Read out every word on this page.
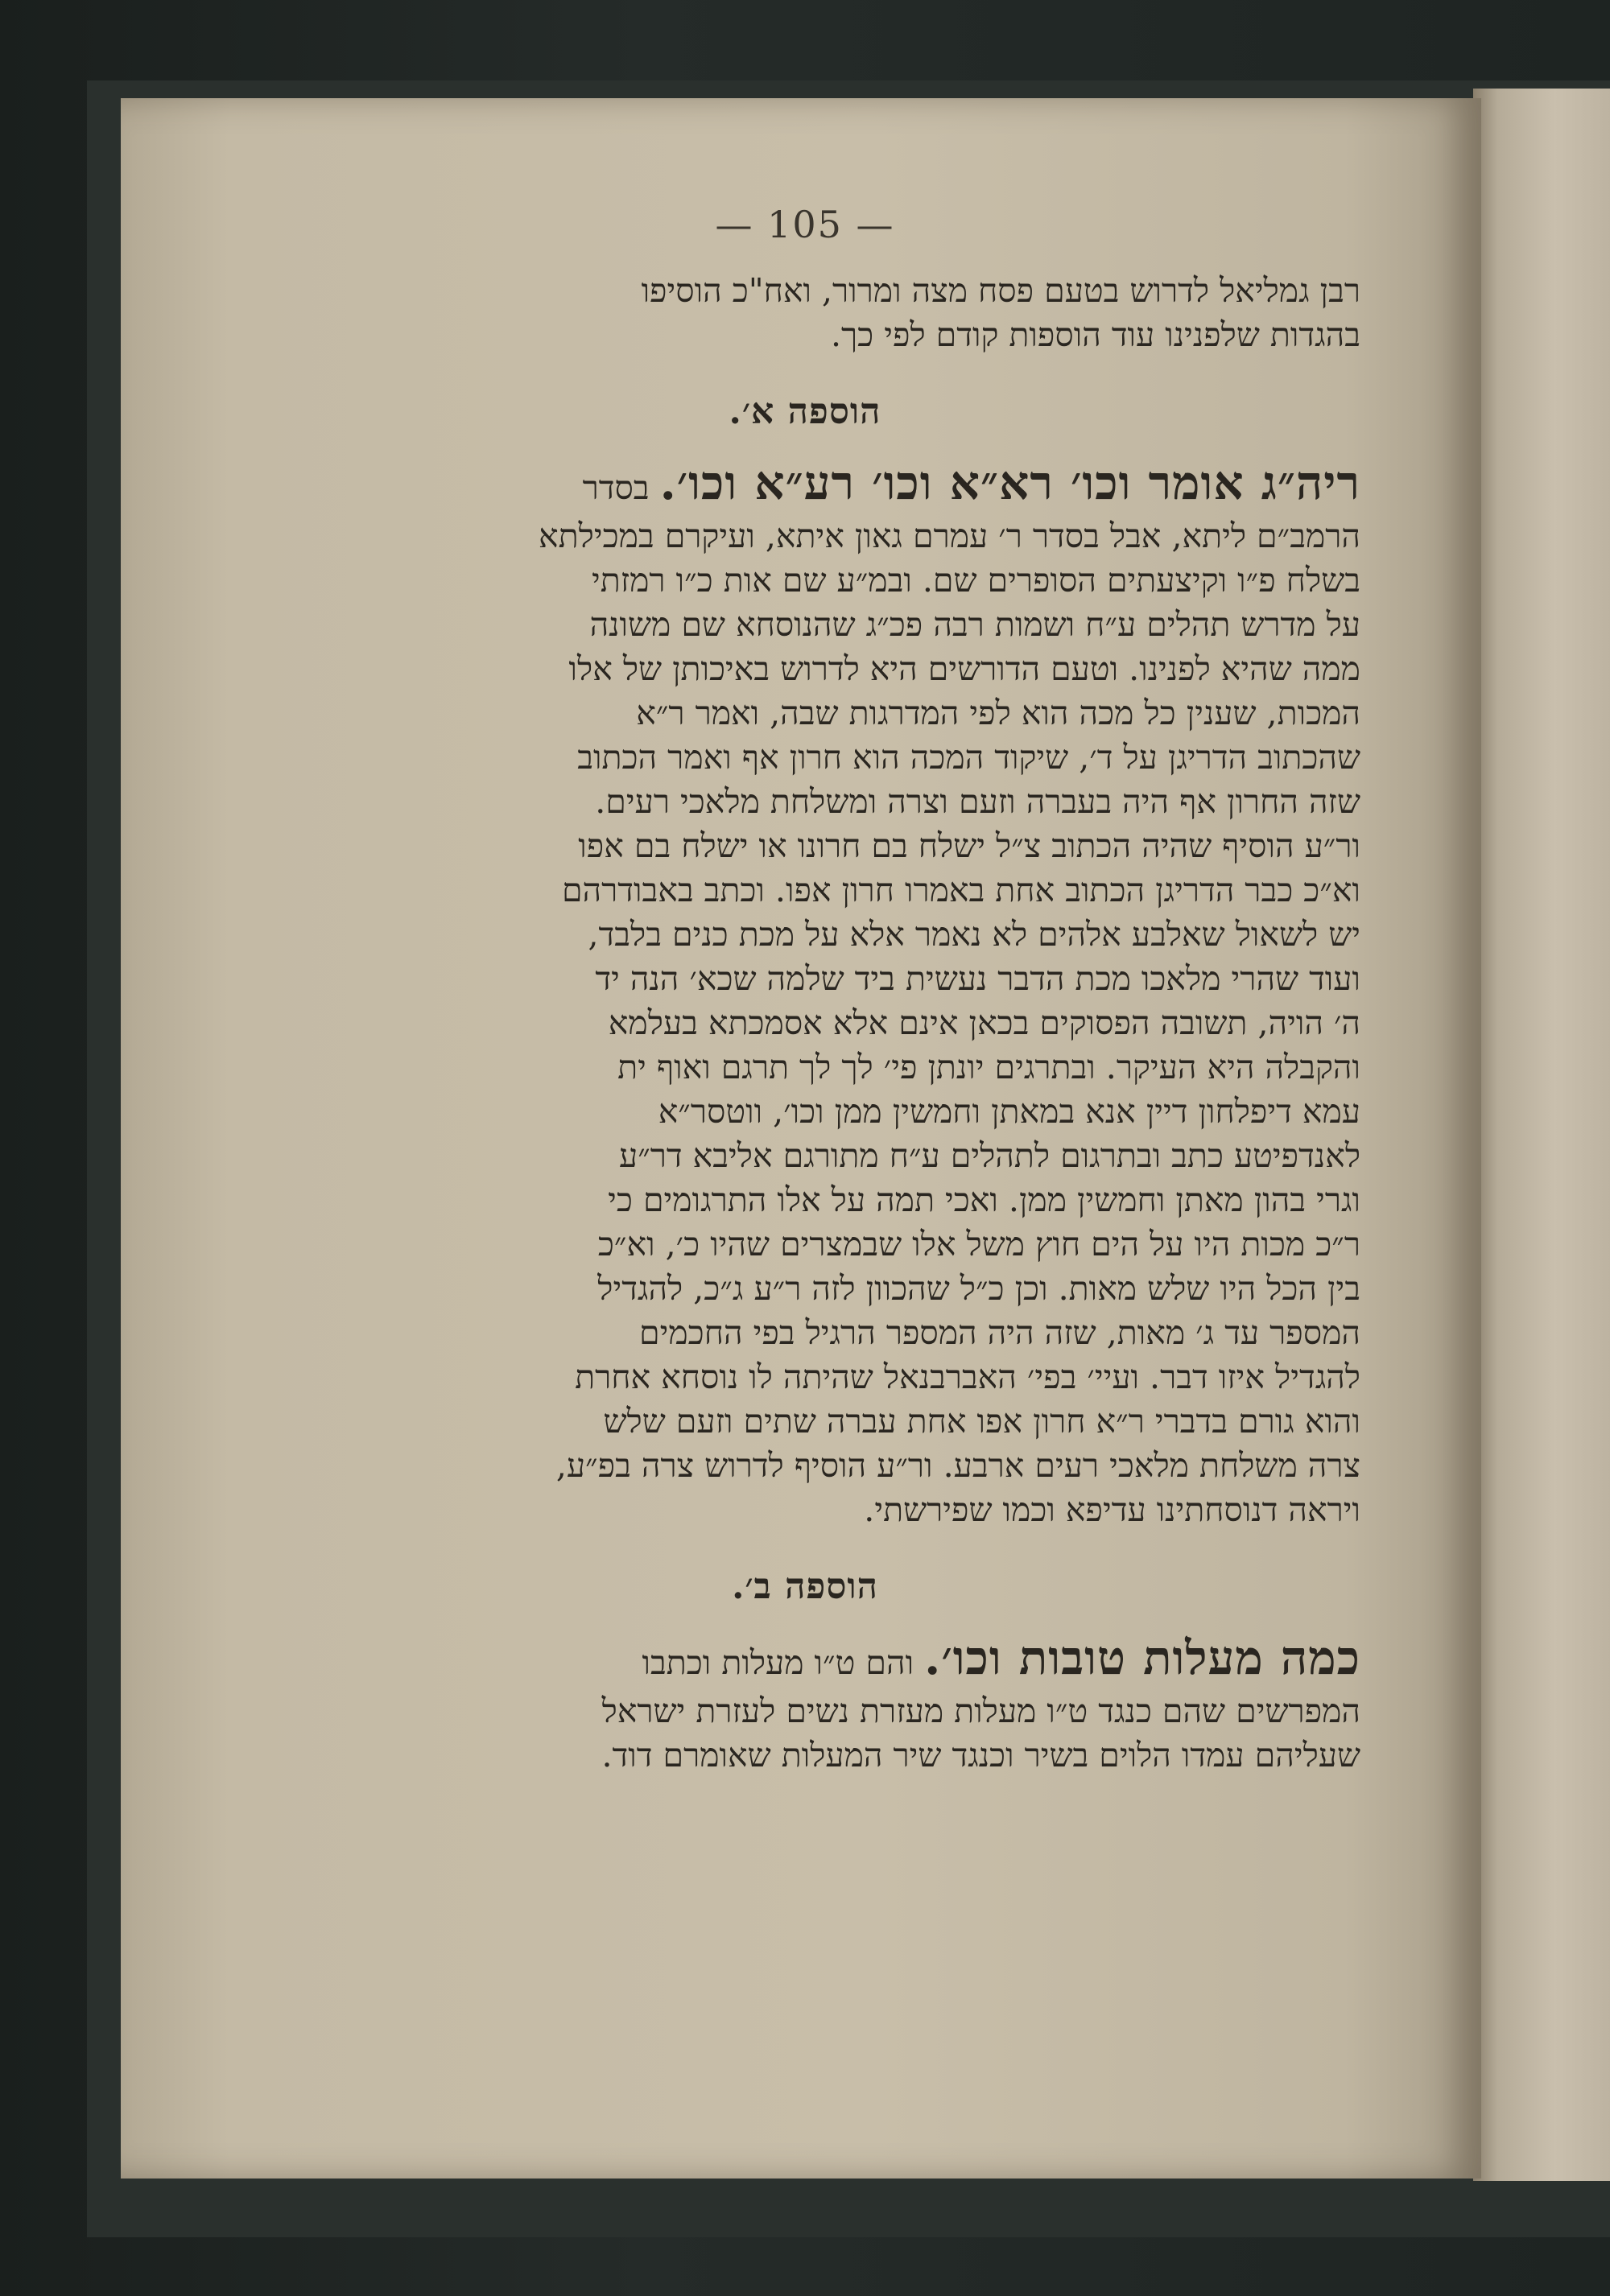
— 105 —
רבן גמליאל לדרוש בטעם פסח מצה ומרור, ואח"כ הוסיפו
בהגדות שלפנינו עוד הוספות קודם לפי כך.
הוספה א׳.
ריה״ג אומר וכו׳ רא״א וכו׳ רע״א וכו׳. בסדר
הרמב״ם ליתא, אבל בסדר ר׳ עמרם גאון איתא, ועיקרם במכילתא
בשלח פ״ו וקיצעתים הסופרים שם. ובמ״ע שם אות כ״ו רמזתי
על מדרש תהלים ע״ח ושמות רבה פכ״ג שהנוסחא שם משונה
ממה שהיא לפנינו. וטעם הדורשים היא לדרוש באיכותן של אלו
המכות, שענין כל מכה הוא לפי המדרגות שבה, ואמר ר״א
שהכתוב הדריגן על ד׳, שיקוד המכה הוא חרון אף ואמר הכתוב
שזה החרון אף היה בעברה וזעם וצרה ומשלחת מלאכי רעים.
ור״ע הוסיף שהיה הכתוב צ״ל ישלח בם חרונו או ישלח בם אפו
וא״כ כבר הדריגן הכתוב אחת באמרו חרון אפו. וכתב באבודרהם
יש לשאול שאלבע אלהים לא נאמר אלא על מכת כנים בלבד,
ועוד שהרי מלאכו מכת הדבר נעשית ביד שלמה שכא׳ הנה יד
ה׳ הויה, תשובה הפסוקים בכאן אינם אלא אסמכתא בעלמא
והקבלה היא העיקר. ובתרגים יונתן פי׳ לך לך תרגם ואוף ית
עמא דיפלחון דיין אנא במאתן וחמשין ממן וכו׳, ווטסר״א
לאנדפיטע כתב ובתרגום לתהלים ע״ח מתורגם אליבא דר״ע
וגרי בהון מאתן וחמשין ממן. ואכי תמה על אלו התרגומים כי
ר״כ מכות היו על הים חוץ משל אלו שבמצרים שהיו כ׳, וא״כ
בין הכל היו שלש מאות. וכן כ״ל שהכוון לזה ר״ע ג״כ, להגדיל
המספר עד ג׳ מאות, שזה היה המספר הרגיל בפי החכמים
להגדיל איזו דבר. ועיי׳ בפי׳ האברבנאל שהיתה לו נוסחא אחרת
והוא גורם בדברי ר״א חרון אפו אחת עברה שתים וזעם שלש
צרה משלחת מלאכי רעים ארבע. ור״ע הוסיף לדרוש צרה בפ״ע,
ויראה דנוסחתינו עדיפא וכמו שפירשתי.
הוספה ב׳.
כמה מעלות טובות וכו׳. והם ט״ו מעלות וכתבו
המפרשים שהם כנגד ט״ו מעלות מעזרת נשים לעזרת ישראל
שעליהם עמדו הלוים בשיר וכנגד שיר המעלות שאומרם דוד.
